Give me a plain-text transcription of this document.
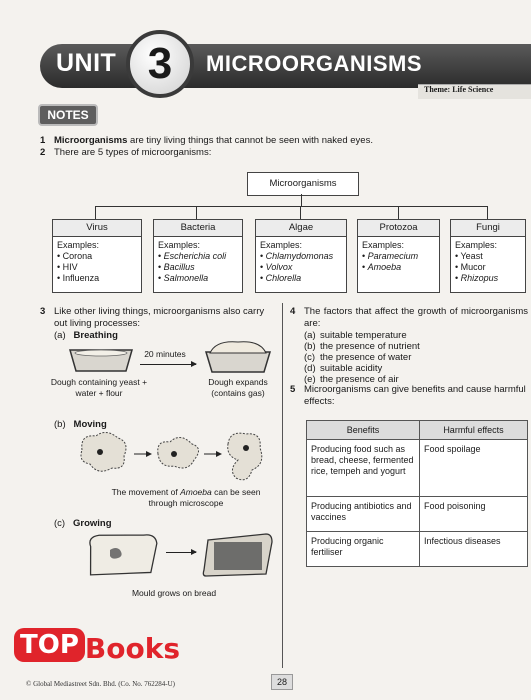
UNIT 3	MICROORGANISMS
Theme: Life Science
NOTES
1 Microorganisms are tiny living things that cannot be seen with naked eyes.
2 There are 5 types of microorganisms:
Microorganisms
Virus
Examples:
• Corona
• HIV
• Influenza
Bacteria
Examples:
• Escherichia coli
• Bacillus
• Salmonella
Algae
Examples:
• Chlamydomonas
• Volvox
• Chlorella
Protozoa
Examples:
• Paramecium
• Amoeba
Fungi
Examples:
• Yeast
• Mucor
• Rhizopus
3 Like other living things, microorganisms also carry out living processes:
(a) Breathing
20 minutes
Dough containing yeast + water + flour
Dough expands (contains gas)
(b) Moving
The movement of Amoeba can be seen through microscope
(c) Growing
Mould grows on bread
4 The factors that affect the growth of microorganisms are:
(a) suitable temperature
(b) the presence of nutrient
(c) the presence of water
(d) suitable acidity
(e) the presence of air
5 Microorganisms can give benefits and cause harmful effects:
Benefits	Harmful effects
Producing food such as bread, cheese, fermented rice, tempeh and yogurt	Food spoilage
Producing antibiotics and vaccines	Food poisoning
Producing organic fertiliser	Infectious diseases
TOP Books
© Global Mediastreet Sdn. Bhd. (Co. No. 762284-U)	28
